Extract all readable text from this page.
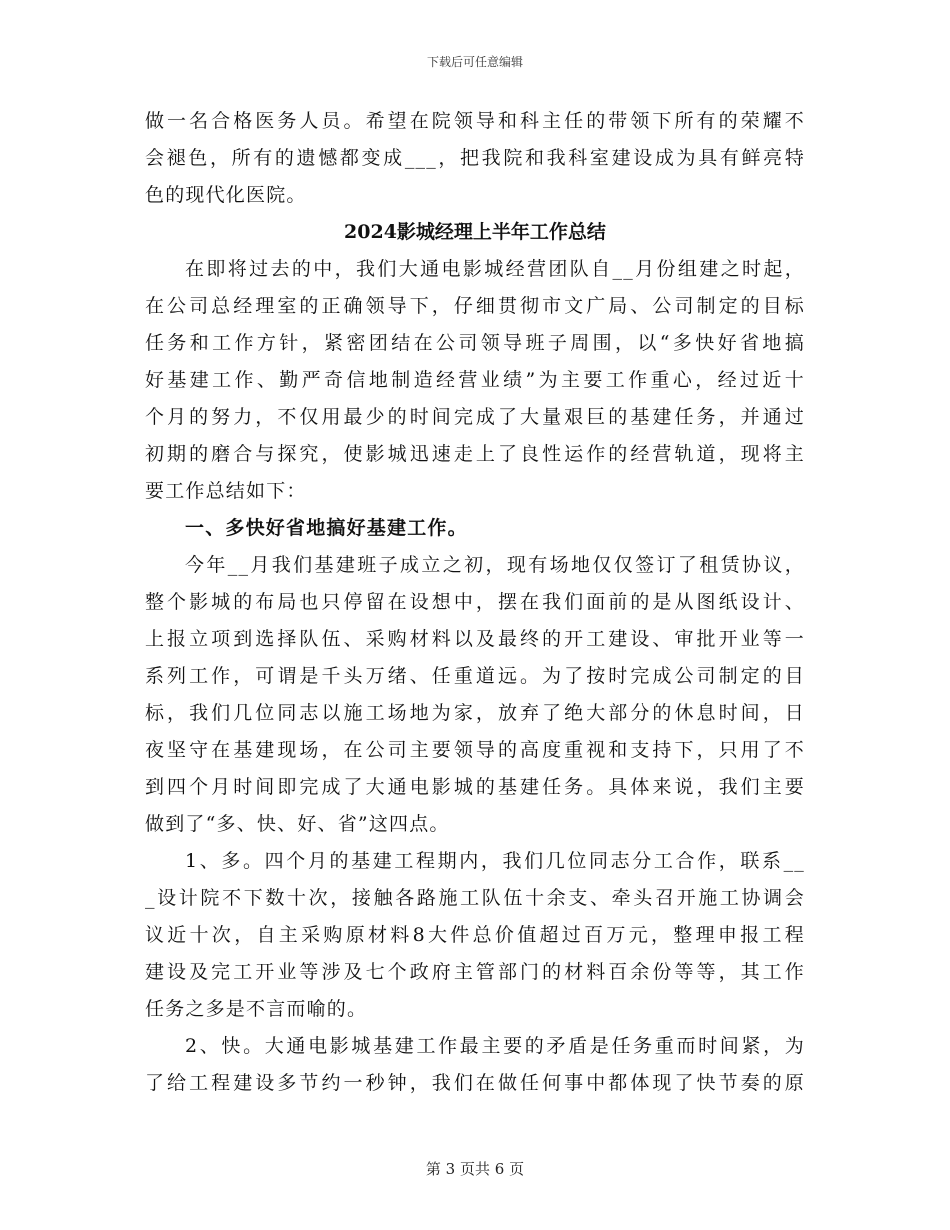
下载后可任意编辑
做一名合格医务人员。希望在院领导和科主任的带领下所有的荣耀不
会褪色，所有的遗憾都变成___，把我院和我科室建设成为具有鲜亮特
色的现代化医院。
2024影城经理上半年工作总结
在即将过去的中，我们大通电影城经营团队自__月份组建之时起，
在公司总经理室的正确领导下，仔细贯彻市文广局、公司制定的目标
任务和工作方针，紧密团结在公司领导班子周围，以“多快好省地搞
好基建工作、勤严奇信地制造经营业绩”为主要工作重心，经过近十
个月的努力，不仅用最少的时间完成了大量艰巨的基建任务，并通过
初期的磨合与探究，使影城迅速走上了良性运作的经营轨道，现将主
要工作总结如下：
一、多快好省地搞好基建工作。
今年__月我们基建班子成立之初，现有场地仅仅签订了租赁协议，
整个影城的布局也只停留在设想中，摆在我们面前的是从图纸设计、
上报立项到选择队伍、采购材料以及最终的开工建设、审批开业等一
系列工作，可谓是千头万绪、任重道远。为了按时完成公司制定的目
标，我们几位同志以施工场地为家，放弃了绝大部分的休息时间，日
夜坚守在基建现场，在公司主要领导的高度重视和支持下，只用了不
到四个月时间即完成了大通电影城的基建任务。具体来说，我们主要
做到了“多、快、好、省”这四点。
1、多。四个月的基建工程期内，我们几位同志分工合作，联系__
_设计院不下数十次，接触各路施工队伍十余支、牵头召开施工协调会
议近十次，自主采购原材料8大件总价值超过百万元，整理申报工程
建设及完工开业等涉及七个政府主管部门的材料百余份等等，其工作
任务之多是不言而喻的。
2、快。大通电影城基建工作最主要的矛盾是任务重而时间紧，为
了给工程建设多节约一秒钟，我们在做任何事中都体现了快节奏的原
第 3 页共 6 页
